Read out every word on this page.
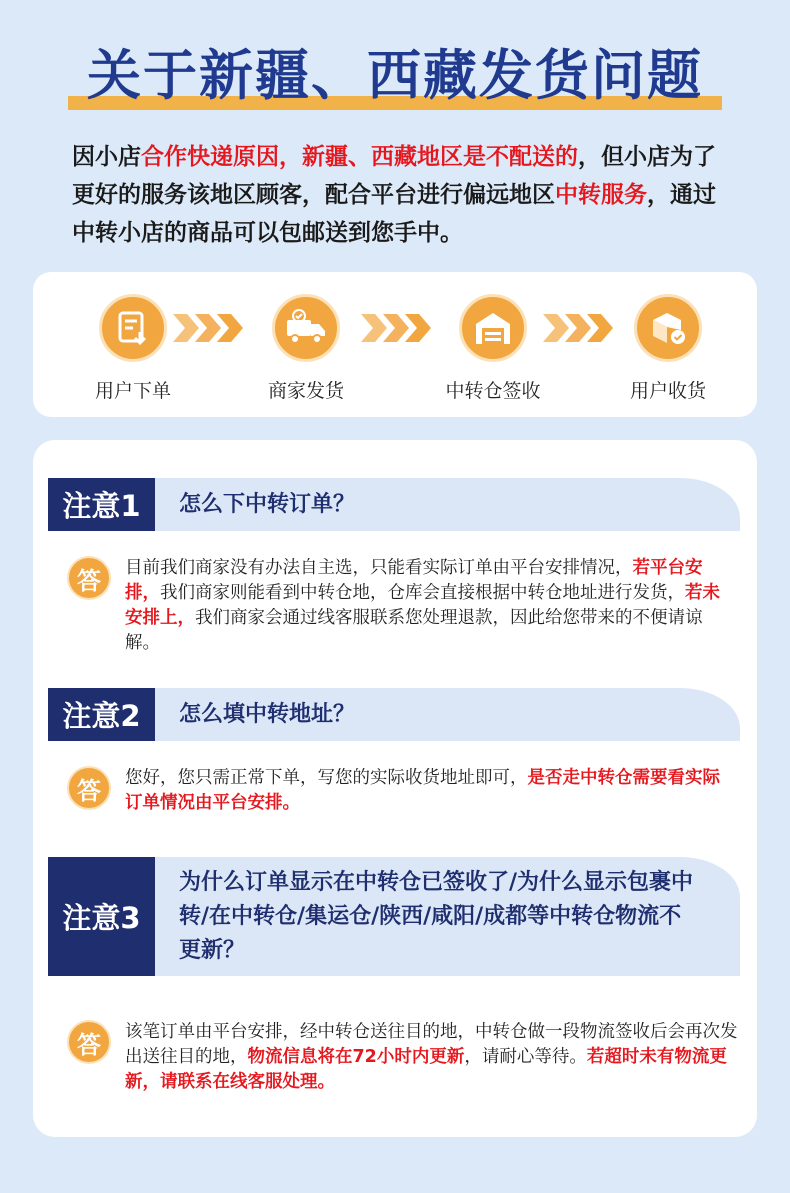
关于新疆、西藏发货问题

因小店合作快递原因，新疆、西藏地区是不配送的，但小店为了更好的服务该地区顾客，配合平台进行偏远地区中转服务，通过中转小店的商品可以包邮送到您手中。

用户下单	商家发货	中转仓签收	用户收货
注意1	怎么下中转订单？
答	目前我们商家没有办法自主选，只能看实际订单由平台安排情况，若平台安排，我们商家则能看到中转仓地，仓库会直接根据中转仓地址进行发货，若未安排上，我们商家会通过线客服联系您处理退款，因此给您带来的不便请谅解。

注意2	怎么填中转地址？
答	您好，您只需正常下单，写您的实际收货地址即可，是否走中转仓需要看实际订单情况由平台安排。

注意3
为什么订单显示在中转仓已签收了/为什么显示包裹中转/在中转仓/集运仓/陕西/咸阳/成都等中转仓物流不更新？
答	该笔订单由平台安排，经中转仓送往目的地，中转仓做一段物流签收后会再次发出送往目的地，物流信息将在72小时内更新，请耐心等待。若超时未有物流更新，请联系在线客服处理。
